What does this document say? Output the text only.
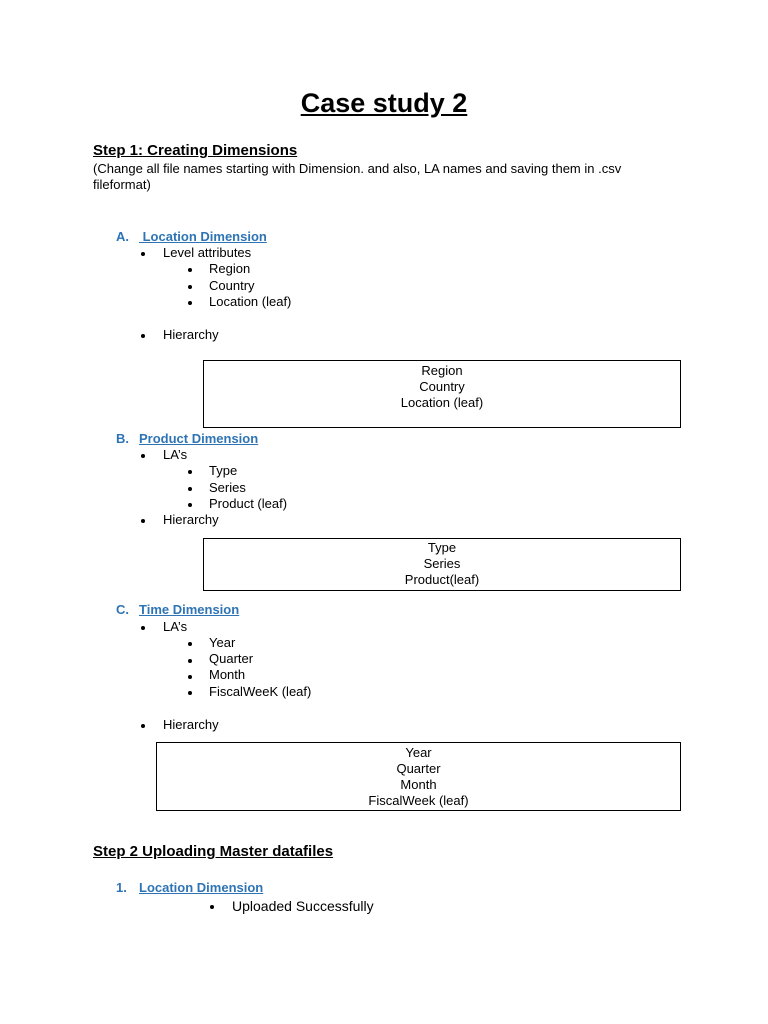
Case study 2
Step 1: Creating Dimensions
(Change all file names starting with Dimension. and also, LA names and saving them in .csv
fileformat)
A. Location Dimension
Level attributes
Region
Country
Location (leaf)
Hierarchy
Region
Country
Location (leaf)
B. Product Dimension
LA’s
Type
Series
Product (leaf)
Hierarchy
Type
Series
Product(leaf)
C. Time Dimension
LA’s
Year
Quarter
Month
FiscalWeeK (leaf)
Hierarchy
Year
Quarter
Month
FiscalWeek (leaf)
Step 2 Uploading Master datafiles
1. Location Dimension
Uploaded Successfully
